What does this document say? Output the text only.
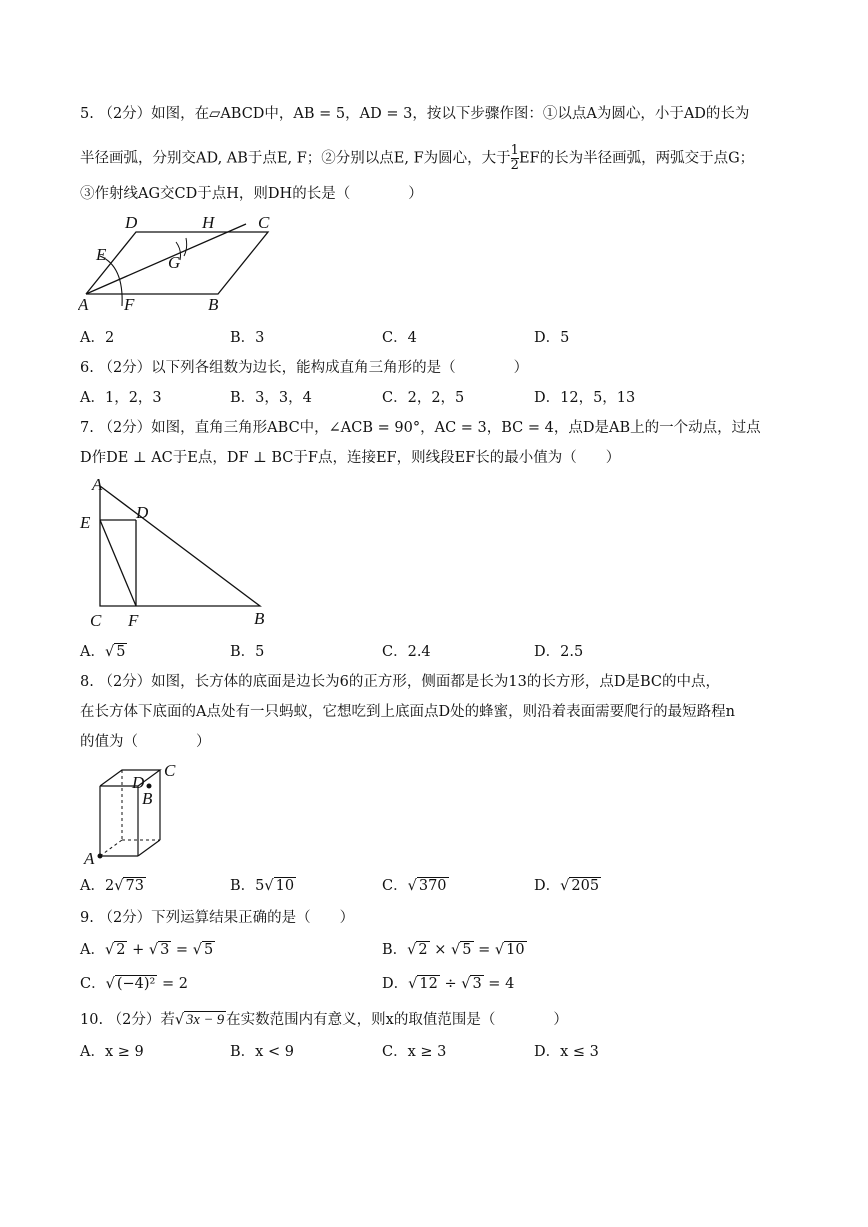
5. （2分）如图，在▱ABCD中，AB = 5，AD = 3，按以下步骤作图：①以点A为圆心，小于AD的长为
半径画弧，分别交AD, AB于点E, F；②分别以点E, F为圆心，大于 $\frac{1}{2}$ EF的长为半径画弧，两弧交于点G；
③作射线AG交CD于点H，则DH的长是（　　　　）
D	H	C
E	G
A F	B
A．2	B．3	C．4	D．5
6. （2分）以下列各组数为边长，能构成直角三角形的是（　　　　）
A．1，2，3	B．3，3，4	C．2，2，5	D．12，5，13
7. （2分）如图，直角三角形ABC中，∠ACB = 90°，AC = 3，BC = 4，点D是AB上的一个动点，过点
D作DE ⊥ AC于E点，DF ⊥ BC于F点，连接EF，则线段EF长的最小值为（　　）
A
E
D
C F	B
A．√ 5	B．5	C．2.4	D．2.5
8. （2分）如图，长方体的底面是边长为6的正方形，侧面都是长为13的长方形，点D是BC的中点，
在长方体下底面的A点处有一只蚂蚁，它想吃到上底面点D处的蜂蜜，则沿着表面需要爬行的最短路程n
的值为（　　　　）
D
C
B
A
A．2√ 73	B．5√ 10	C．√ 370	D．√ 205
9. （2分）下列运算结果正确的是（　　）
A．√ 2 + √ 3 = √ 5	B．√ 2 × √ 5 = √ 10
C．√ (−4)² = 2	D．√ 12 ÷ √ 3 = 4
10. （2分）若√ 3x − 9 在实数范围内有意义，则x的取值范围是（　　　　）
A．x ≥ 9	B．x < 9	C．x ≥ 3	D．x ≤ 3
